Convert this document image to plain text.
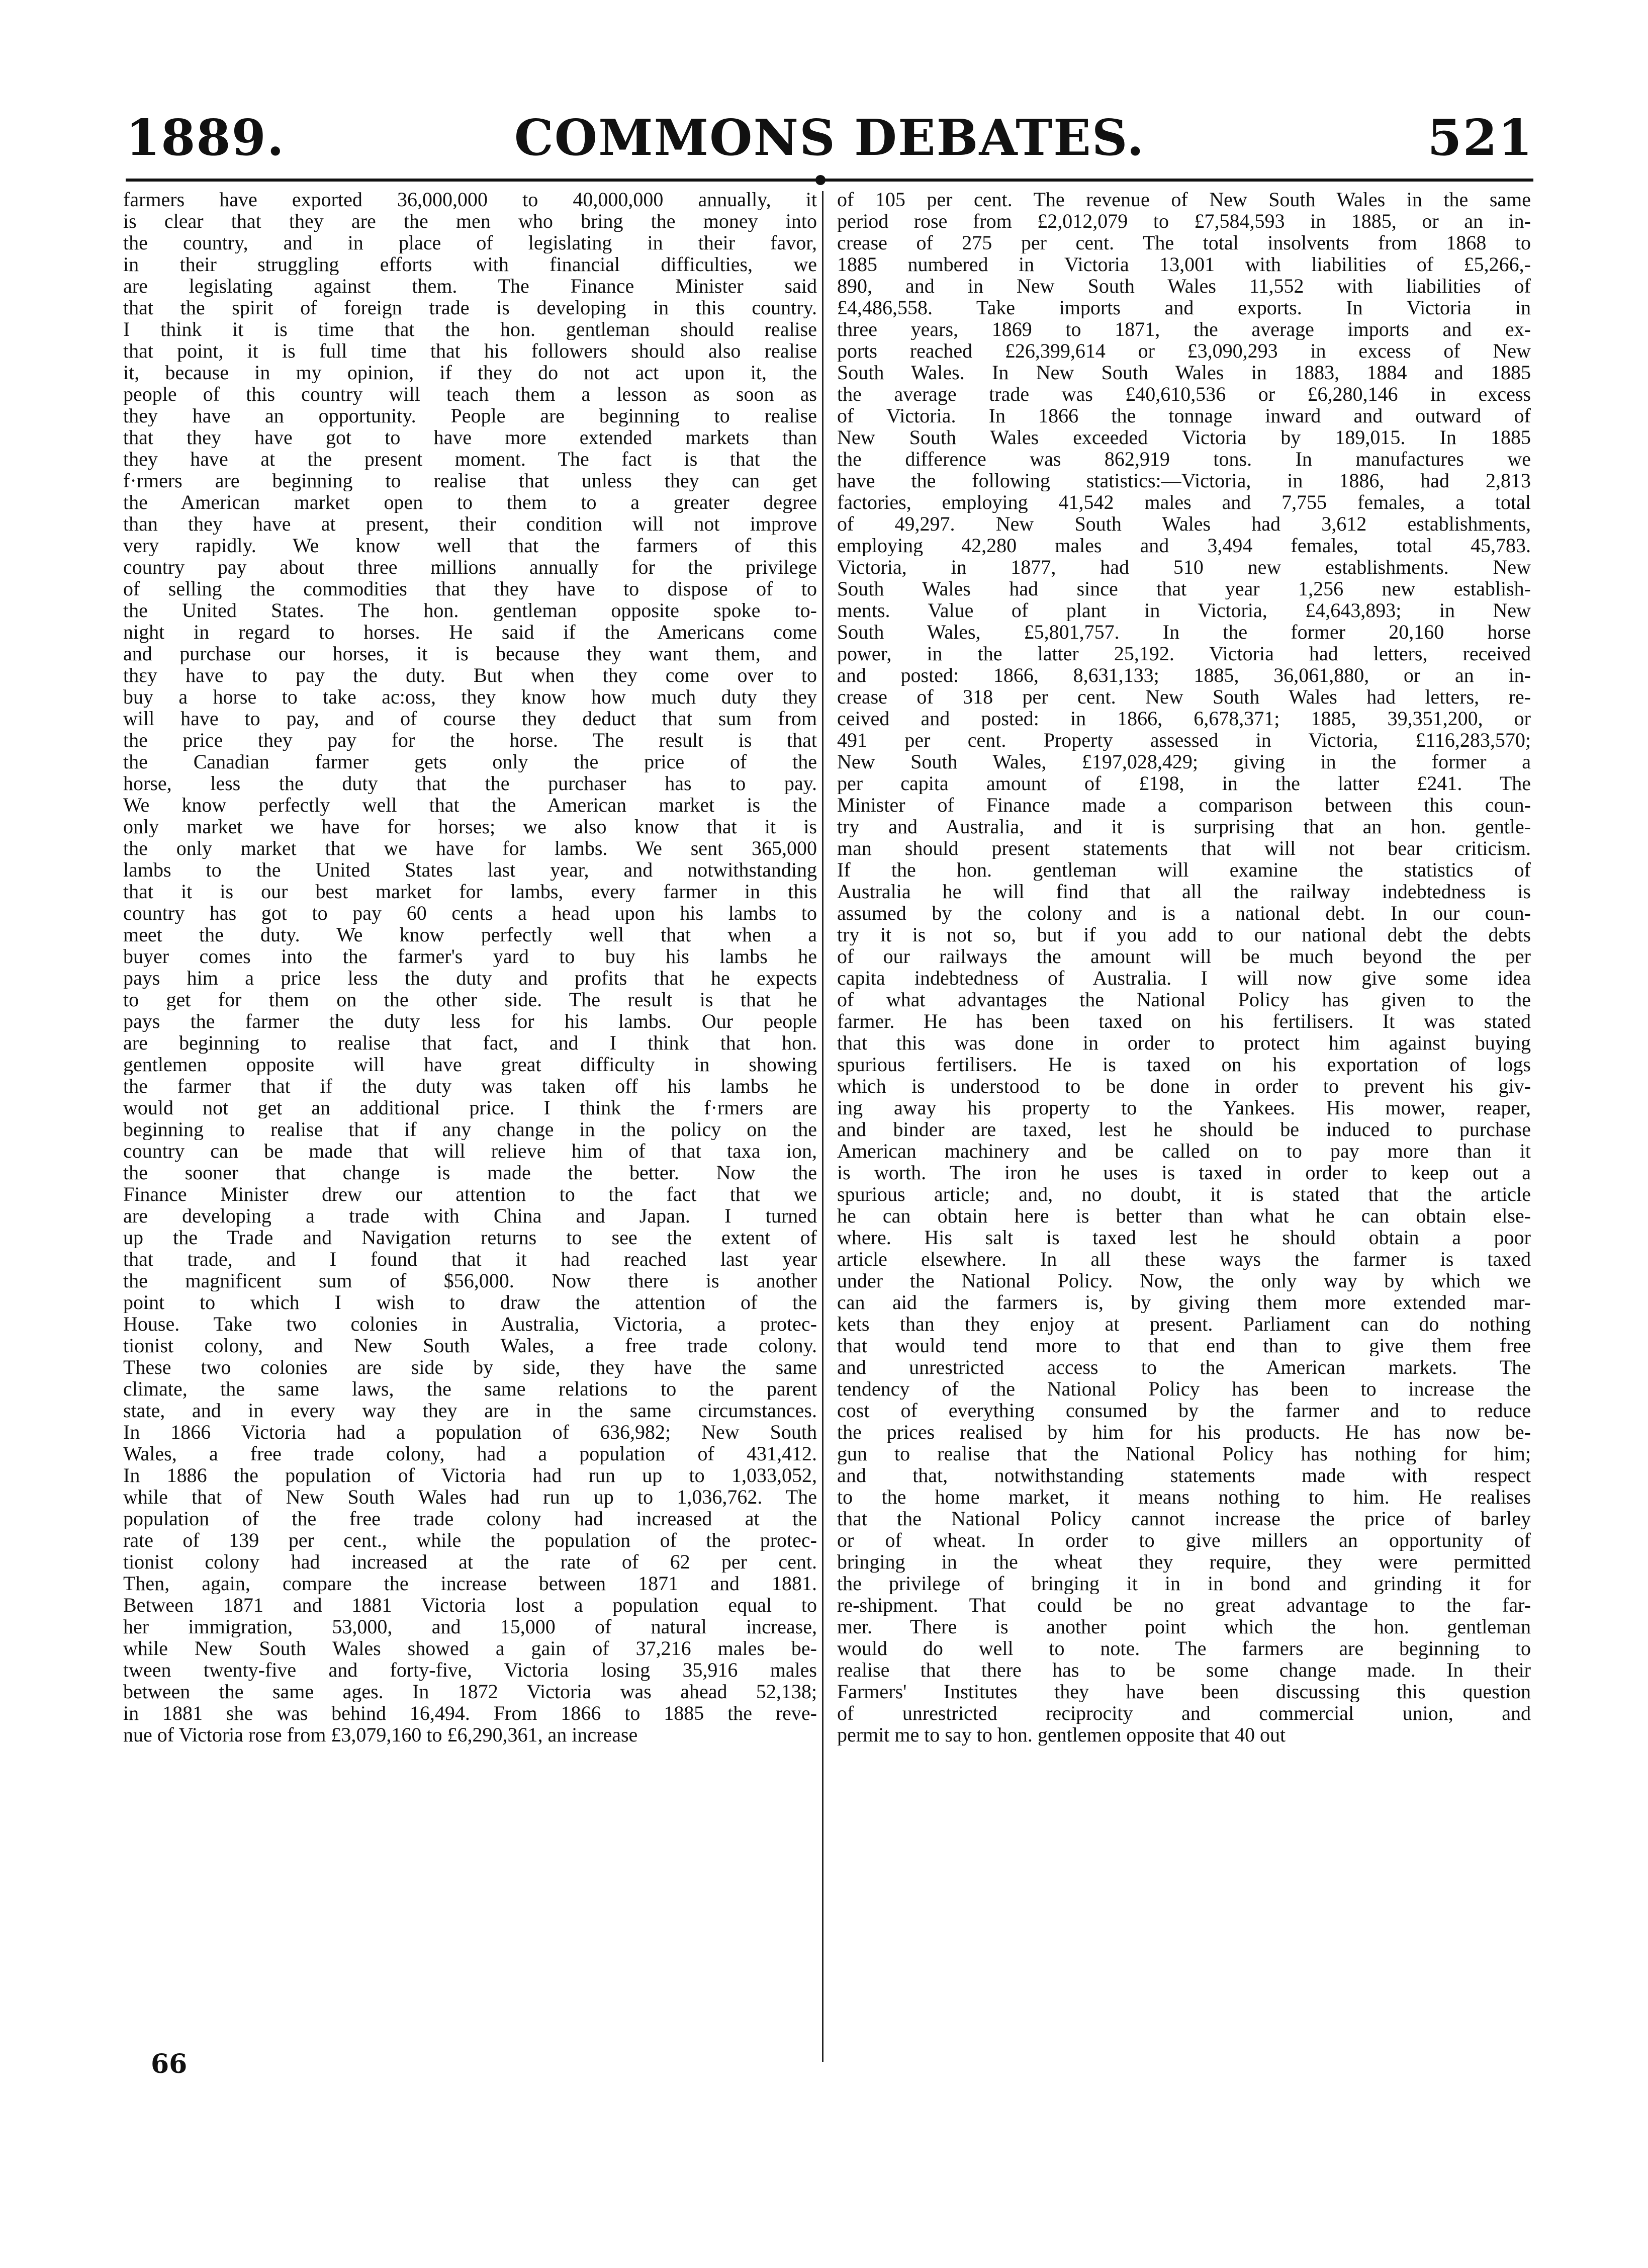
1889.	COMMONS DEBATES.	521
farmers have exported 36,000,000 to 40,000,000 annually, it
is clear that they are the men who bring the money into
the country, and in place of legislating in their favor,
in their struggling efforts with financial difficulties, we
are legislating against them. The Finance Minister said
that the spirit of foreign trade is developing in this country.
I think it is time that the hon. gentleman should realise
that point, it is full time that his followers should also realise
it, because in my opinion, if they do not act upon it, the
people of this country will teach them a lesson as soon as
they have an opportunity. People are beginning to realise
that they have got to have more extended markets than
they have at the present moment. The fact is that the
f·rmers are beginning to realise that unless they can get
the American market open to them to a greater degree
than they have at present, their condition will not improve
very rapidly. We know well that the farmers of this
country pay about three millions annually for the privilege
of selling the commodities that they have to dispose of to
the United States. The hon. gentleman opposite spoke to-
night in regard to horses. He said if the Americans come
and purchase our horses, it is because they want them, and
thεy have to pay the duty. But when they come over to
buy a horse to take ac:oss, they know how much duty they
will have to pay, and of course they deduct that sum from
the price they pay for the horse. The result is that
the Canadian farmer gets only the price of the
horse, less the duty that the purchaser has to pay.
We know perfectly well that the American market is the
only market we have for horses; we also know that it is
the only market that we have for lambs. We sent 365,000
lambs to the United States last year, and notwithstanding
that it is our best market for lambs, every farmer in this
country has got to pay 60 cents a head upon his lambs to
meet the duty. We know perfectly well that when a
buyer comes into the farmer's yard to buy his lambs he
pays him a price less the duty and profits that he expects
to get for them on the other side. The result is that he
pays the farmer the duty less for his lambs. Our people
are beginning to realise that fact, and I think that hon.
gentlemen opposite will have great difficulty in showing
the farmer that if the duty was taken off his lambs he
would not get an additional price. I think the f·rmers are
beginning to realise that if any change in the policy on the
country can be made that will relieve him of that taxa ion,
the sooner that change is made the better. Now the
Finance Minister drew our attention to the fact that we
are developing a trade with China and Japan. I turned
up the Trade and Navigation returns to see the extent of
that trade, and I found that it had reached last year
the magnificent sum of $56,000. Now there is another
point to which I wish to draw the attention of the
House. Take two colonies in Australia, Victoria, a protec-
tionist colony, and New South Wales, a free trade colony.
These two colonies are side by side, they have the same
climate, the same laws, the same relations to the parent
state, and in every way they are in the same circumstances.
In 1866 Victoria had a population of 636,982; New South
Wales, a free trade colony, had a population of 431,412.
In 1886 the population of Victoria had run up to 1,033,052,
while that of New South Wales had run up to 1,036,762. The
population of the free trade colony had increased at the
rate of 139 per cent., while the population of the protec-
tionist colony had increased at the rate of 62 per cent.
Then, again, compare the increase between 1871 and 1881.
Between 1871 and 1881 Victoria lost a population equal to
her immigration, 53,000, and 15,000 of natural increase,
while New South Wales showed a gain of 37,216 males be-
tween twenty-five and forty-five, Victoria losing 35,916 males
between the same ages. In 1872 Victoria was ahead 52,138;
in 1881 she was behind 16,494. From 1866 to 1885 the reve-
nue of Victoria rose from £3,079,160 to £6,290,361, an increase
of 105 per cent. The revenue of New South Wales in the same
period rose from £2,012,079 to £7,584,593 in 1885, or an in-
crease of 275 per cent. The total insolvents from 1868 to
1885 numbered in Victoria 13,001 with liabilities of £5,266,-
890, and in New South Wales 11,552 with liabilities of
£4,486,558. Take imports and exports. In Victoria in
three years, 1869 to 1871, the average imports and ex-
ports reached £26,399,614 or £3,090,293 in excess of New
South Wales. In New South Wales in 1883, 1884 and 1885
the average trade was £40,610,536 or £6,280,146 in excess
of Victoria. In 1866 the tonnage inward and outward of
New South Wales exceeded Victoria by 189,015. In 1885
the difference was 862,919 tons. In manufactures we
have the following statistics:—Victoria, in 1886, had 2,813
factories, employing 41,542 males and 7,755 females, a total
of 49,297. New South Wales had 3,612 establishments,
employing 42,280 males and 3,494 females, total 45,783.
Victoria, in 1877, had 510 new establishments. New
South Wales had since that year 1,256 new establish-
ments. Value of plant in Victoria, £4,643,893; in New
South Wales, £5,801,757. In the former 20,160 horse
power, in the latter 25,192. Victoria had letters, received
and posted: 1866, 8,631,133; 1885, 36,061,880, or an in-
crease of 318 per cent. New South Wales had letters, re-
ceived and posted: in 1866, 6,678,371; 1885, 39,351,200, or
491 per cent. Property assessed in Victoria, £116,283,570;
New South Wales, £197,028,429; giving in the former a
per capita amount of £198, in the latter £241. The
Minister of Finance made a comparison between this coun-
try and Australia, and it is surprising that an hon. gentle-
man should present statements that will not bear criticism.
If the hon. gentleman will examine the statistics of
Australia he will find that all the railway indebtedness is
assumed by the colony and is a national debt. In our coun-
try it is not so, but if you add to our national debt the debts
of our railways the amount will be much beyond the per
capita indebtedness of Australia. I will now give some idea
of what advantages the National Policy has given to the
farmer. He has been taxed on his fertilisers. It was stated
that this was done in order to protect him against buying
spurious fertilisers. He is taxed on his exportation of logs
which is understood to be done in order to prevent his giv-
ing away his property to the Yankees. His mower, reaper,
and binder are taxed, lest he should be induced to purchase
American machinery and be called on to pay more than it
is worth. The iron he uses is taxed in order to keep out a
spurious article; and, no doubt, it is stated that the article
he can obtain here is better than what he can obtain else-
where. His salt is taxed lest he should obtain a poor
article elsewhere. In all these ways the farmer is taxed
under the National Policy. Now, the only way by which we
can aid the farmers is, by giving them more extended mar-
kets than they enjoy at present. Parliament can do nothing
that would tend more to that end than to give them free
and unrestricted access to the American markets. The
tendency of the National Policy has been to increase the
cost of everything consumed by the farmer and to reduce
the prices realised by him for his products. He has now be-
gun to realise that the National Policy has nothing for him;
and that, notwithstanding statements made with respect
to the home market, it means nothing to him. He realises
that the National Policy cannot increase the price of barley
or of wheat. In order to give millers an opportunity of
bringing in the wheat they require, they were permitted
the privilege of bringing it in in bond and grinding it for
re-shipment. That could be no great advantage to the far-
mer. There is another point which the hon. gentleman
would do well to note. The farmers are beginning to
realise that there has to be some change made. In their
Farmers' Institutes they have been discussing this question
of unrestricted reciprocity and commercial union, and
permit me to say to hon. gentlemen opposite that 40 out
66
